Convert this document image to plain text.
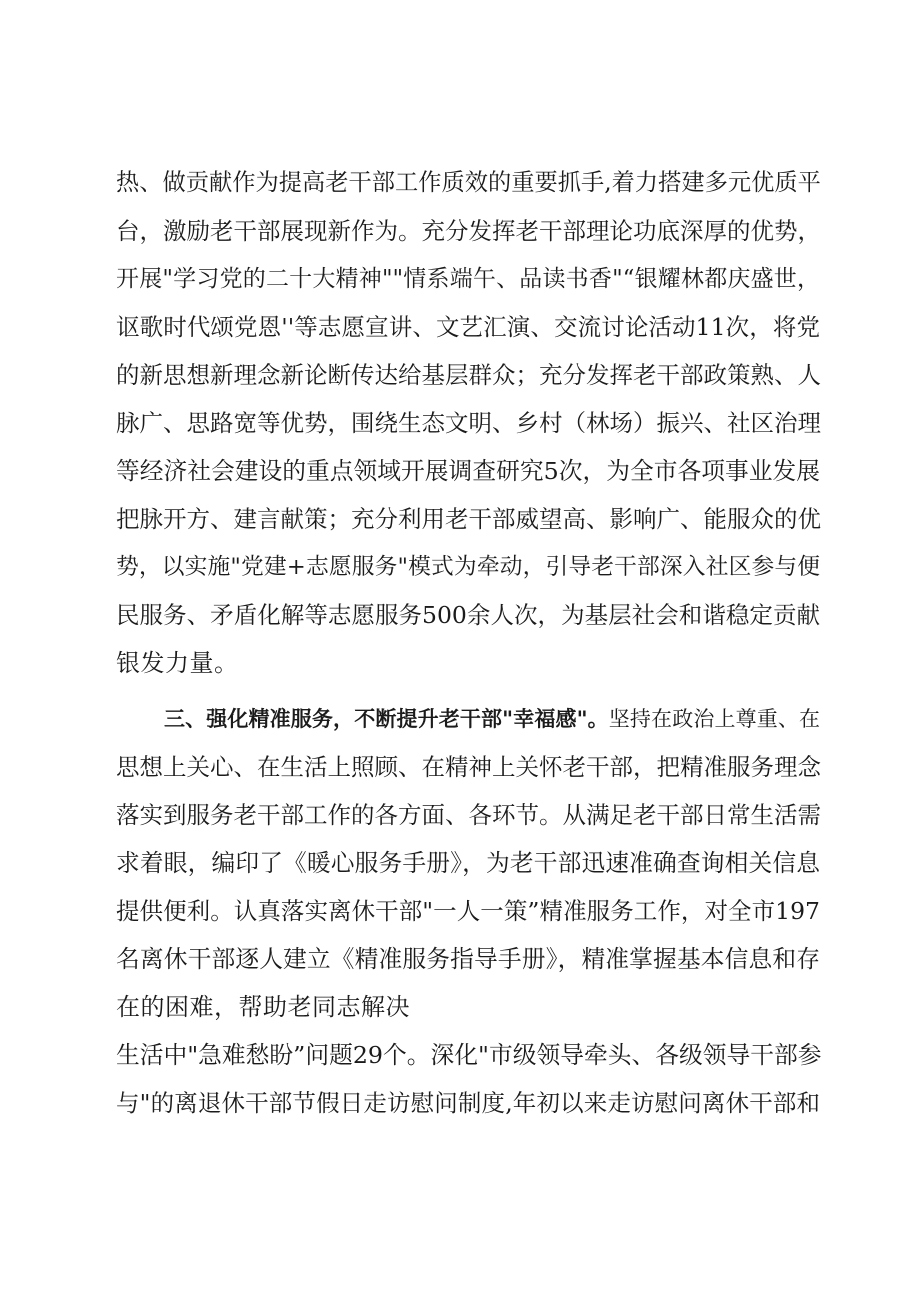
热、做贡献作为提高老干部工作质效的重要抓手,着力搭建多元优质平
台，激励老干部展现新作为。充分发挥老干部理论功底深厚的优势，
开展"学习党的二十大精神""情系端午、品读书香"“银耀林都庆盛世，
讴歌时代颂党恩''等志愿宣讲、文艺汇演、交流讨论活动11次，将党
的新思想新理念新论断传达给基层群众；充分发挥老干部政策熟、人
脉广、思路宽等优势，围绕生态文明、乡村（林场）振兴、社区治理
等经济社会建设的重点领域开展调查研究5次，为全市各项事业发展
把脉开方、建言献策；充分利用老干部威望高、影响广、能服众的优
势，以实施"党建+志愿服务"模式为牵动，引导老干部深入社区参与便
民服务、矛盾化解等志愿服务500余人次，为基层社会和谐稳定贡献
银发力量。
三、强化精准服务，不断提升老干部"幸福感"。坚持在政治上尊重、在
思想上关心、在生活上照顾、在精神上关怀老干部，把精准服务理念
落实到服务老干部工作的各方面、各环节。从满足老干部日常生活需
求着眼，编印了《暖心服务手册》，为老干部迅速准确查询相关信息
提供便利。认真落实离休干部"一人一策”精准服务工作，对全市197
名离休干部逐人建立《精准服务指导手册》，精准掌握基本信息和存
在的困难，帮助老同志解决
生活中"急难愁盼”问题29个。深化"市级领导牵头、各级领导干部参
与"的离退休干部节假日走访慰问制度,年初以来走访慰问离休干部和
